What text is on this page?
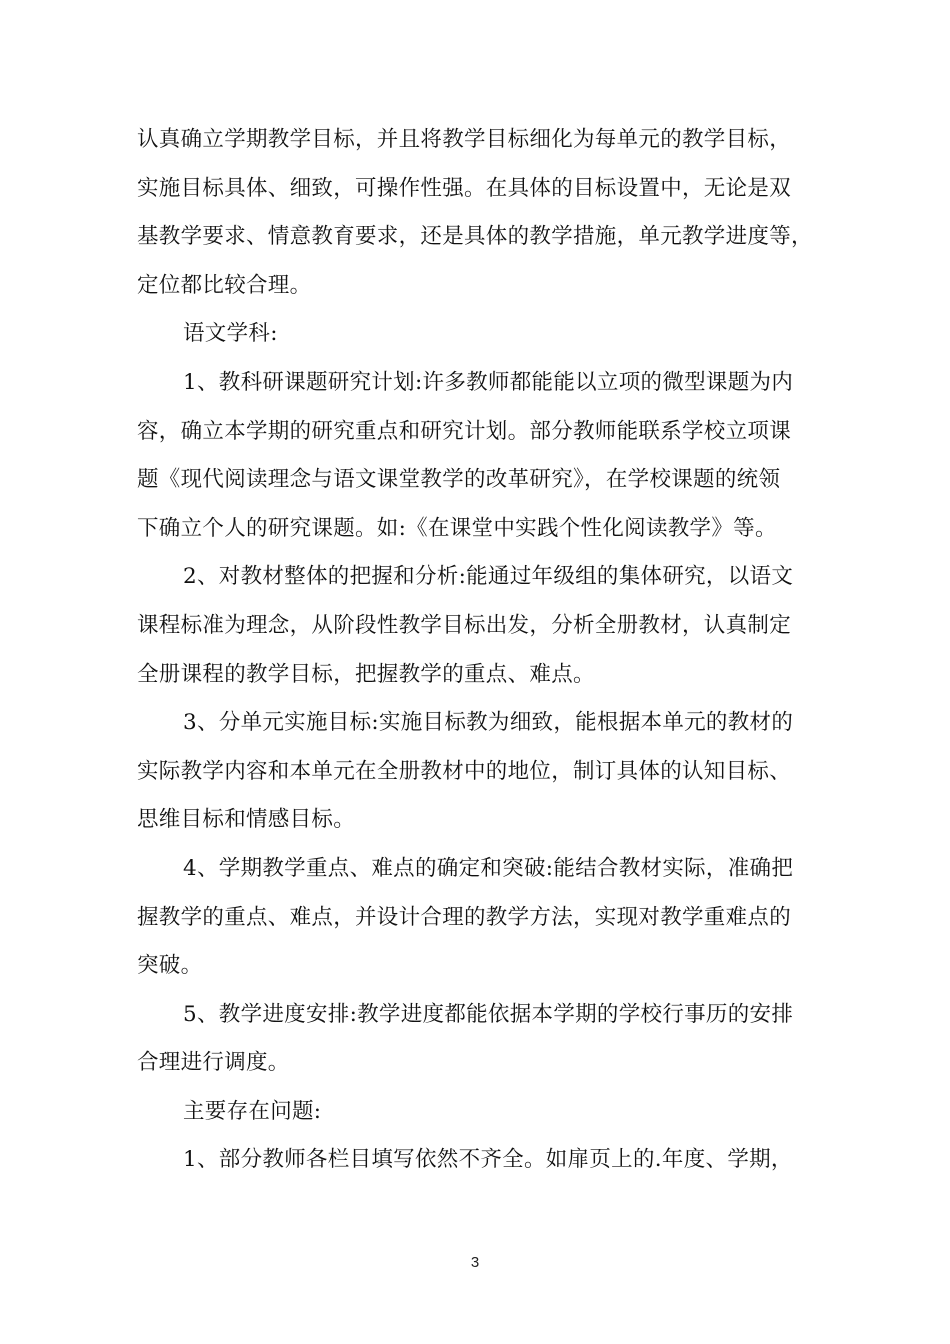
认真确立学期教学目标，并且将教学目标细化为每单元的教学目标，
实施目标具体、细致，可操作性强。在具体的目标设置中，无论是双
基教学要求、情意教育要求，还是具体的教学措施，单元教学进度等，
定位都比较合理。
语文学科:
1、教科研课题研究计划:许多教师都能能以立项的微型课题为内
容，确立本学期的研究重点和研究计划。部分教师能联系学校立项课
题《现代阅读理念与语文课堂教学的改革研究》，在学校课题的统领
下确立个人的研究课题。如:《在课堂中实践个性化阅读教学》等。
2、对教材整体的把握和分析:能通过年级组的集体研究，以语文
课程标准为理念，从阶段性教学目标出发，分析全册教材，认真制定
全册课程的教学目标，把握教学的重点、难点。
3、分单元实施目标:实施目标教为细致，能根据本单元的教材的
实际教学内容和本单元在全册教材中的地位，制订具体的认知目标、
思维目标和情感目标。
4、学期教学重点、难点的确定和突破:能结合教材实际，准确把
握教学的重点、难点，并设计合理的教学方法，实现对教学重难点的
突破。
5、教学进度安排:教学进度都能依据本学期的学校行事历的安排
合理进行调度。
主要存在问题:
1、部分教师各栏目填写依然不齐全。如扉页上的.年度、学期，

3
